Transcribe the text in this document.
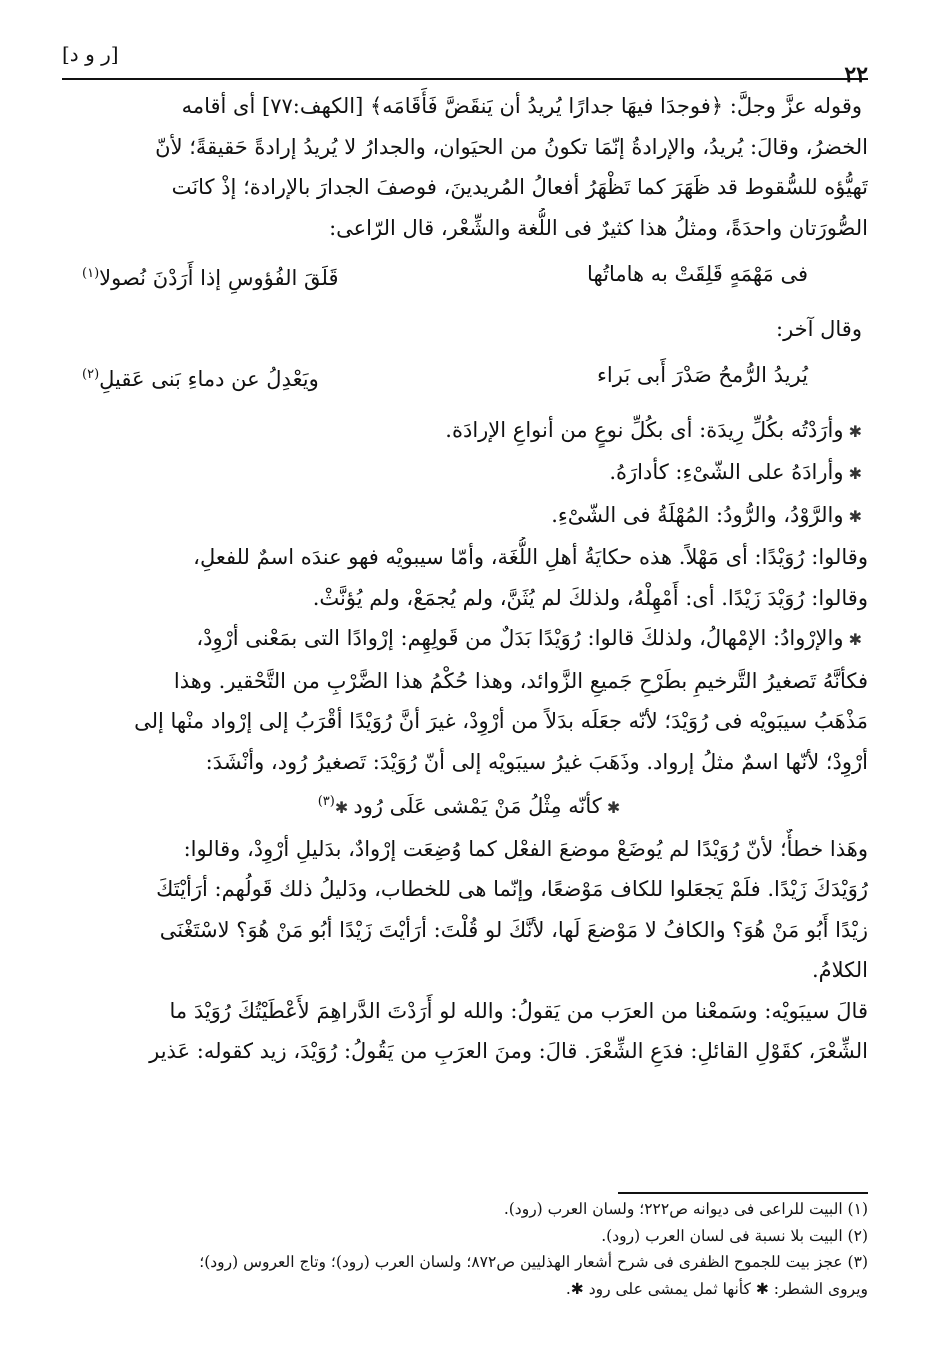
٢٢
[ر و د]
وقوله عزَّ وجلَّ: ﴿فوجدَا فيهَا جدارًا يُريدُ أن يَنقَضَّ فَأَقَامَه﴾ [الكهف:٧٧] أى أقامه
الخضرُ، وقالَ: يُريدُ، والإرادةُ إنّمَا تكونُ من الحيَوان، والجدارُ لا يُريدُ إرادةً حَقيقةً؛ لأنّ
تَهيُّؤه للسُّقوط قد ظَهَرَ كما تَظْهَرُ أفعالُ المُريدينَ، فوصفَ الجدارَ بالإرادة؛ إذْ كانَت
الصُّورَتان واحدَةً، ومثلُ هذا كثيرٌ فى اللُّغة والشِّعْر، قال الرّاعى:
فى مَهْمَهٍ قَلِقَتْ به هاماتُها
قَلَقَ الفُؤوسِ إذا أَرَدْنَ نُصولا$^{(١)}$
وقال آخر:
يُريدُ الرُّمحُ صَدْرَ أَبى بَراء
ويَعْدِلُ عن دماءِ بَنى عَقيلِ$^{(٢)}$
✱ وأرَدْتُه بكُلِّ رِيدَة: أى بكُلِّ نوعٍ من أنواعِ الإرادَة.
✱ وأرادَهُ على الشّىْءِ: كأدارَهُ.
✱ والرَّوْدُ، والرُّودُ: المُهْلَةُ فى الشّىْءِ.
وقالوا: رُوَيْدًا: أى مَهْلاً. هذه حكايَةُ أهلِ اللُّغَة، وأمّا سيبويْه فهو عندَه اسمٌ للفعلِ،
وقالوا: رُوَيْدَ زَيْدًا. أى: أَمْهِلْهُ، ولذلكَ لم يُثَنَّ، ولم يُجمَعْ، ولم يُؤنَّثْ.
✱ والإرْوادُ: الإمْهالُ، ولذلكَ قالوا: رُوَيْدًا بَدَلٌ من قَولِهِم: إرْوادًا التى بمَعْنى أرْوِدْ،
فكأنَّهُ تَصغيرُ التَّرخيمِ بطَرْحِ جَميعِ الزَّوائد، وهذا حُكْمُ هذا الضَّرْبِ من التَّحْقير. وهذا
مَذْهَبُ سيبَويْه فى رُوَيْدَ؛ لأنّه جعَلَه بدَلاً من أرْوِدْ، غيرَ أنَّ رُوَيْدًا أقْرَبُ إلى إرْواد منْها إلى
أرْوِدْ؛ لأنّها اسمٌ مثلُ إرواد. وذَهَبَ غيرُ سيبَويْه إلى أنّ رُوَيْدَ: تَصغيرُ رُود، وأنْشَدَ:
✱ كأنّه مِثْلُ مَنْ يَمْشى عَلَى رُود ✱$^{(٣)}$
وهَذا خطأٌ؛ لأنّ رُوَيْدًا لم يُوضَعْ موضعَ الفعْل كما وُضِعَت إرْوادٌ، بدَليلِ أرْوِدْ، وقالوا:
رُوَيْدَكَ زَيْدًا. فلَمْ يَجعَلوا للكاف مَوْضعًا، وإنّما هى للخطاب، ودَليلُ ذلك قَولُهم: أرَأيْتَكَ
زيْدًا أَبُو مَنْ هُوَ؟ والكافُ لا مَوْضعَ لَها، لأنَّكَ لو قُلْتَ: أرَأيْتَ زَيْدًا أبُو مَنْ هُوَ؟ لاسْتَغْنَى
الكلامُ.
قالَ سيبَويْه: وسَمعْنا من العرَب من يَقولُ: والله لو أَرَدْتَ الدَّراهِمَ لأَعْطَيْتُكَ رُوَيْدَ ما
الشِّعْرَ، كقَوْلِ القائلِ: فدَعِ الشِّعْرَ. قالَ: ومنَ العرَبِ من يَقُولُ: رُوَيْدَ، زيد كقوله: عَذير
(١) البيت للراعى فى ديوانه ص٢٢٢؛ ولسان العرب (رود).
(٢) البيت بلا نسبة فى لسان العرب (رود).
(٣) عجز بيت للجموح الظفرى فى شرح أشعار الهذليين ص٨٧٢؛ ولسان العرب (رود)؛ وتاج العروس (رود)؛
ويروى الشطر: ✱ كأنها ثمل يمشى على رود ✱.
